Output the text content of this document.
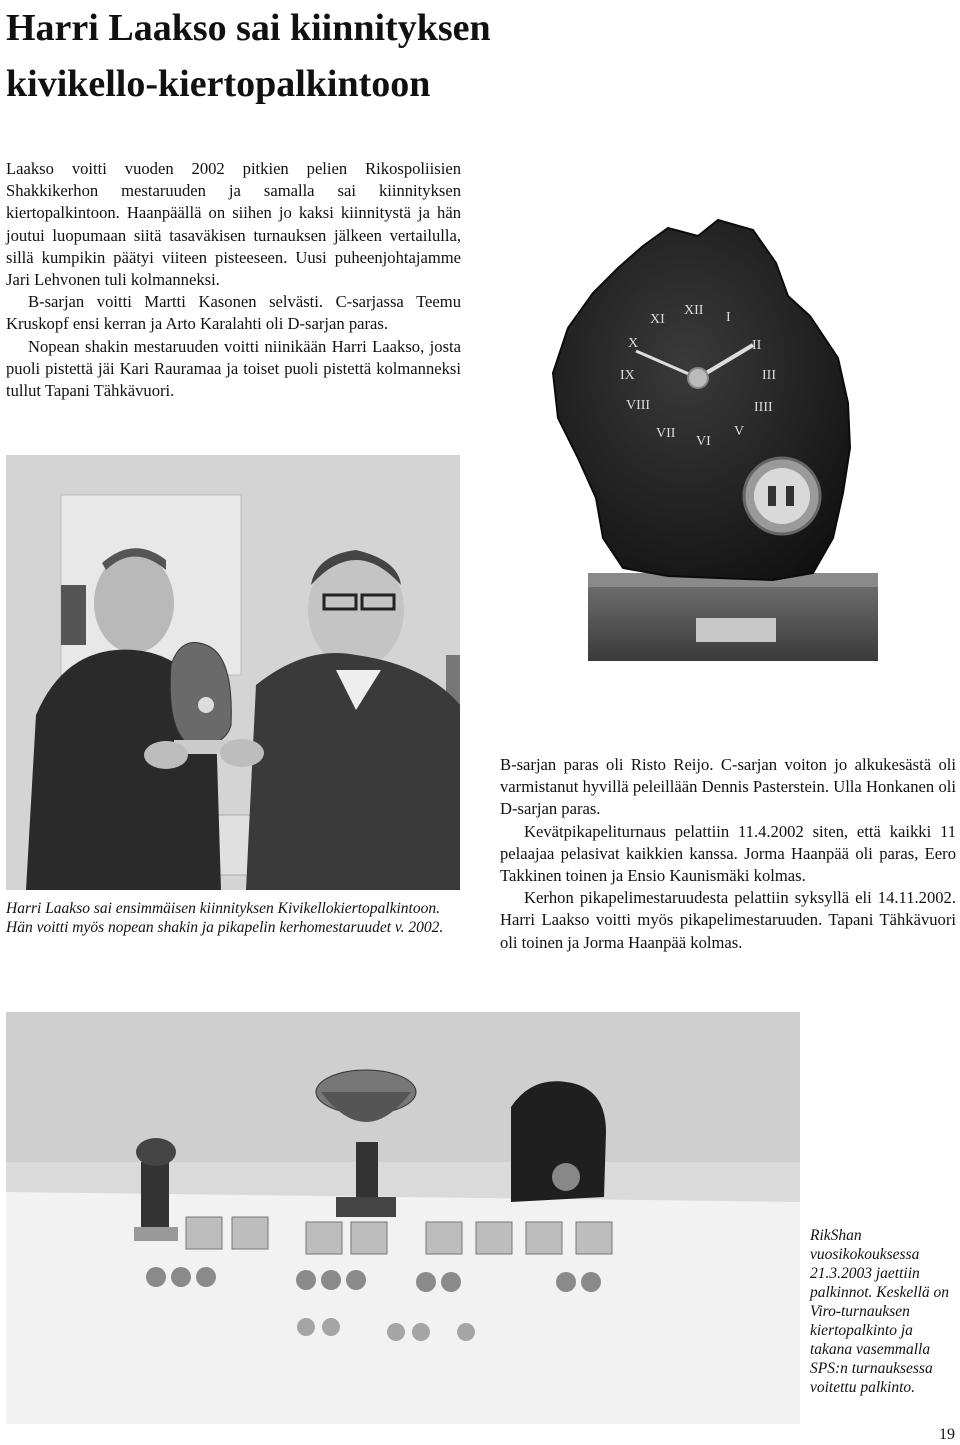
Harri Laakso sai kiinnityksen
kivikello-kiertopalkintoon

Laakso voitti vuoden 2002 pitkien pelien Rikospoliisien Shakkikerhon mestaruuden ja samalla sai kiinnityksen kiertopalkintoon. Haanpäällä on siihen jo kaksi kiinnitystä ja hän joutui luopumaan siitä tasaväkisen turnauksen jälkeen vertailulla, sillä kumpikin päätyi viiteen pisteeseen. Uusi puheenjohtajamme Jari Lehvonen tuli kolmanneksi.

B-sarjan voitti Martti Kasonen selvästi. C-sarjassa Teemu Kruskopf ensi kerran ja Arto Karalahti oli D-sarjan paras.

Nopean shakin mestaruuden voitti niinikään Harri Laakso, josta puoli pistettä jäi Kari Rauramaa ja toiset puoli pistettä kolmanneksi tullut Tapani Tähkävuori.

XII I
II
III
IIII
V
VI
VII
VIII
IX
X
XI
Harri Laakso sai ensimmäisen kiinnityksen Kivikellokiertopalkintoon. Hän voitti myös nopean shakin ja pikapelin kerhomestaruudet v. 2002.

B-sarjan paras oli Risto Reijo. C-sarjan voiton jo alkukesästä oli varmistanut hyvillä peleillään Dennis Pasterstein. Ulla Honkanen oli D-sarjan paras.

Kevätpikapeliturnaus pelattiin 11.4.2002 siten, että kaikki 11 pelaajaa pelasivat kaikkien kanssa. Jorma Haanpää oli paras, Eero Takkinen toinen ja Ensio Kaunismäki kolmas.

Kerhon pikapelimestaruudesta pelattiin syksyllä eli 14.11.2002. Harri Laakso voitti myös pikapelimestaruuden. Tapani Tähkävuori oli toinen ja Jorma Haanpää kolmas.

RikShan vuosikokouksessa 21.3.2003 jaettiin palkinnot. Keskellä on Viro-turnauksen kiertopalkinto ja takana vasemmalla SPS:n turnauksessa voitettu palkinto.
19
